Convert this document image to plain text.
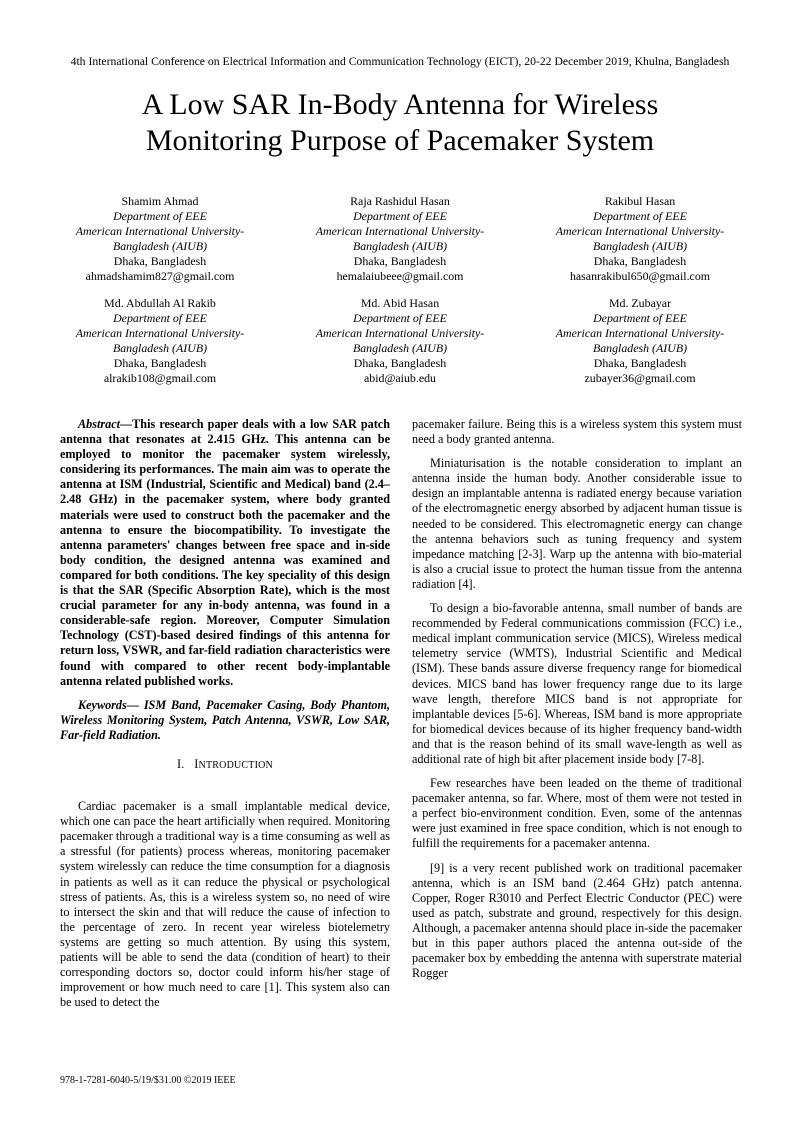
4th International Conference on Electrical Information and Communication Technology (EICT), 20-22 December 2019, Khulna, Bangladesh
A Low SAR In-Body Antenna for Wireless
Monitoring Purpose of Pacemaker System
Shamim Ahmad
Department of EEE
American International University-
Bangladesh (AIUB)
Dhaka, Bangladesh
ahmadshamim827@gmail.com
Raja Rashidul Hasan
Department of EEE
American International University-
Bangladesh (AIUB)
Dhaka, Bangladesh
hemalaiubeee@gmail.com
Rakibul Hasan
Department of EEE
American International University-
Bangladesh (AIUB)
Dhaka, Bangladesh
hasanrakibul650@gmail.com
Md. Abdullah Al Rakib
Department of EEE
American International University-
Bangladesh (AIUB)
Dhaka, Bangladesh
alrakib108@gmail.com
Md. Abid Hasan
Department of EEE
American International University-
Bangladesh (AIUB)
Dhaka, Bangladesh
abid@aiub.edu
Md. Zubayar
Department of EEE
American International University-
Bangladesh (AIUB)
Dhaka, Bangladesh
zubayer36@gmail.com

Abstract—This research paper deals with a low SAR patch antenna that resonates at 2.415 GHz. This antenna can be employed to monitor the pacemaker system wirelessly, considering its performances. The main aim was to operate the antenna at ISM (Industrial, Scientific and Medical) band (2.4–2.48 GHz) in the pacemaker system, where body granted materials were used to construct both the pacemaker and the antenna to ensure the biocompatibility. To investigate the antenna parameters' changes between free space and in-side body condition, the designed antenna was examined and compared for both conditions. The key speciality of this design is that the SAR (Specific Absorption Rate), which is the most crucial parameter for any in-body antenna, was found in a considerable-safe region. Moreover, Computer Simulation Technology (CST)-based desired findings of this antenna for return loss, VSWR, and far-field radiation characteristics were found with compared to other recent body-implantable antenna related published works.

Keywords— ISM Band, Pacemaker Casing, Body Phantom, Wireless Monitoring System, Patch Antenna, VSWR, Low SAR, Far-field Radiation.

I. INTRODUCTION

Cardiac pacemaker is a small implantable medical device, which one can pace the heart artificially when required. Monitoring pacemaker through a traditional way is a time consuming as well as a stressful (for patients) process whereas, monitoring pacemaker system wirelessly can reduce the time consumption for a diagnosis in patients as well as it can reduce the physical or psychological stress of patients. As, this is a wireless system so, no need of wire to intersect the skin and that will reduce the cause of infection to the percentage of zero. In recent year wireless biotelemetry systems are getting so much attention. By using this system, patients will be able to send the data (condition of heart) to their corresponding doctors so, doctor could inform his/her stage of improvement or how much need to care [1]. This system also can be used to detect the

pacemaker failure. Being this is a wireless system this system must need a body granted antenna.

Miniaturisation is the notable consideration to implant an antenna inside the human body. Another considerable issue to design an implantable antenna is radiated energy because variation of the electromagnetic energy absorbed by adjacent human tissue is needed to be considered. This electromagnetic energy can change the antenna behaviors such as tuning frequency and system impedance matching [2-3]. Warp up the antenna with bio-material is also a crucial issue to protect the human tissue from the antenna radiation [4].

To design a bio-favorable antenna, small number of bands are recommended by Federal communications commission (FCC) i.e., medical implant communication service (MICS), Wireless medical telemetry service (WMTS), Industrial Scientific and Medical (ISM). These bands assure diverse frequency range for biomedical devices. MICS band has lower frequency range due to its large wave length, therefore MICS band is not appropriate for implantable devices [5-6]. Whereas, ISM band is more appropriate for biomedical devices because of its higher frequency band-width and that is the reason behind of its small wave-length as well as additional rate of high bit after placement inside body [7-8].

Few researches have been leaded on the theme of traditional pacemaker antenna, so far. Where, most of them were not tested in a perfect bio-environment condition. Even, some of the antennas were just examined in free space condition, which is not enough to fulfill the requirements for a pacemaker antenna.

[9] is a very recent published work on traditional pacemaker antenna, which is an ISM band (2.464 GHz) patch antenna. Copper, Roger R3010 and Perfect Electric Conductor (PEC) were used as patch, substrate and ground, respectively for this design. Although, a pacemaker antenna should place in-side the pacemaker but in this paper authors placed the antenna out-side of the pacemaker box by embedding the antenna with superstrate material Rogger

978-1-7281-6040-5/19/$31.00 ©2019 IEEE
